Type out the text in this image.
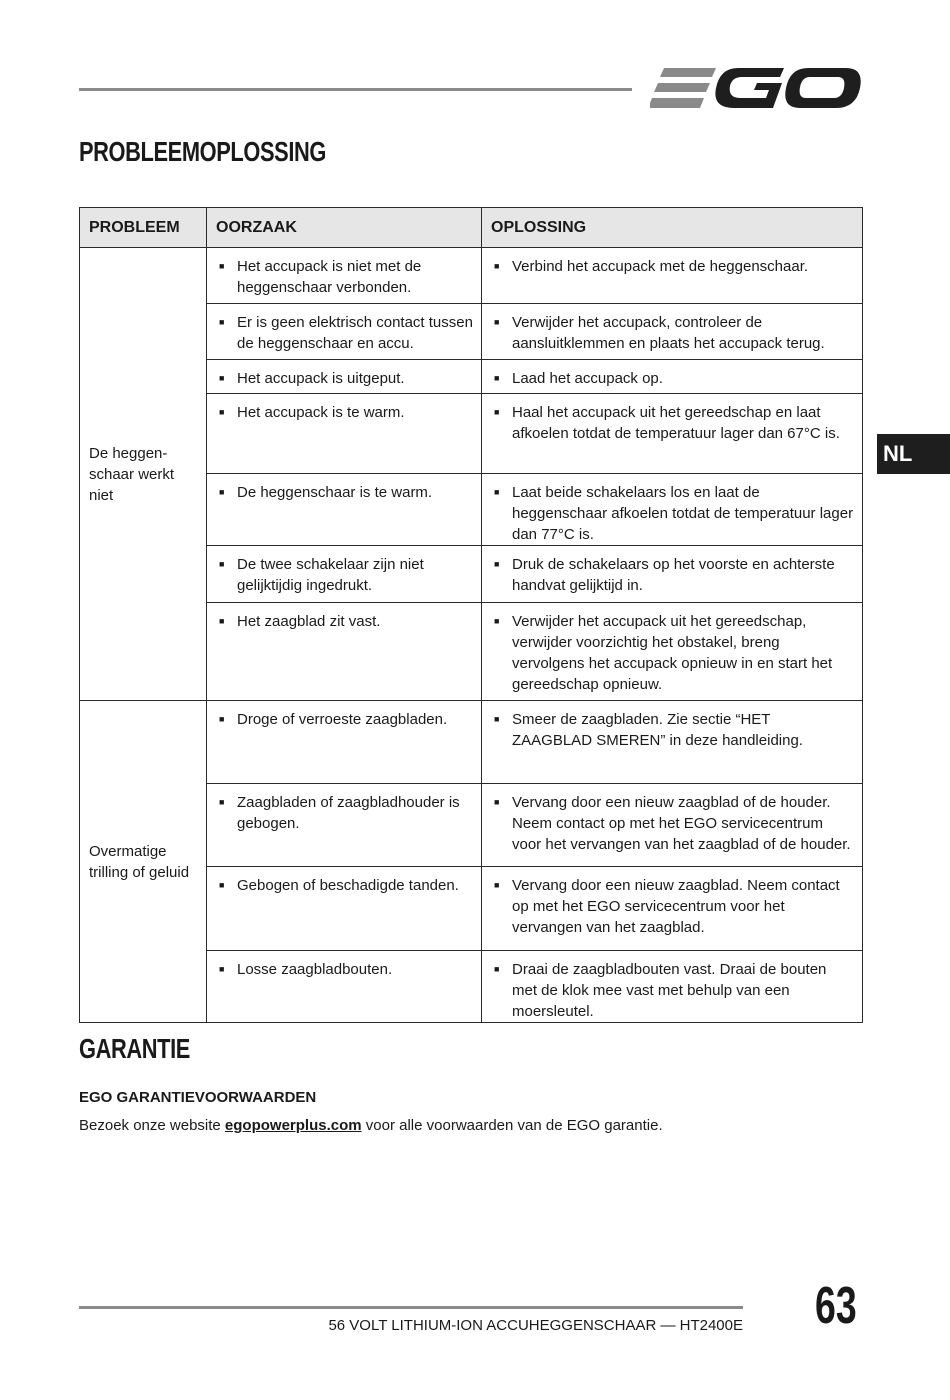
EGO
PROBLEEMOPLOSSING
PROBLEEM	OORZAAK	OPLOSSING
De heggen-
schaar werkt
niet	■ Het accupack is niet met de heggenschaar verbonden.	■ Verbind het accupack met de heggenschaar.

	■ Er is geen elektrisch contact tussen de heggenschaar en accu.	■ Verwijder het accupack, controleer de aansluitklemmen en plaats het accupack terug.

	■ Het accupack is uitgeput.	■ Laad het accupack op.

	■ Het accupack is te warm.	■ Haal het accupack uit het gereedschap en laat afkoelen totdat de temperatuur lager dan 67°C is.

	■ De heggenschaar is te warm.	■ Laat beide schakelaars los en laat de heggenschaar afkoelen totdat de temperatuur lager dan 77°C is.

	■ De twee schakelaar zijn niet gelijktijdig ingedrukt.	■ Druk de schakelaars op het voorste en achterste handvat gelijktijd in.

	■ Het zaagblad zit vast.	■ Verwijder het accupack uit het gereedschap, verwijder voorzichtig het obstakel, breng vervolgens het accupack opnieuw in en start het gereedschap opnieuw.

Overmatige
trilling of geluid	■ Droge of verroeste zaagbladen.	■ Smeer de zaagbladen. Zie sectie “HET ZAAGBLAD SMEREN” in deze handleiding.

	■ Zaagbladen of zaagbladhouder is gebogen.	■ Vervang door een nieuw zaagblad of de houder. Neem contact op met het EGO servicecentrum voor het vervangen van het zaagblad of de houder.

	■ Gebogen of beschadigde tanden.	■ Vervang door een nieuw zaagblad. Neem contact op met het EGO servicecentrum voor het vervangen van het zaagblad.

	■ Losse zaagbladbouten.	■ Draai de zaagbladbouten vast. Draai de bouten met de klok mee vast met behulp van een moersleutel.
GARANTIE
EGO GARANTIEVOORWAARDEN
Bezoek onze website egopowerplus.com voor alle voorwaarden van de EGO garantie.
NL
56 VOLT LITHIUM-ION ACCUHEGGENSCHAAR — HT2400E 63
